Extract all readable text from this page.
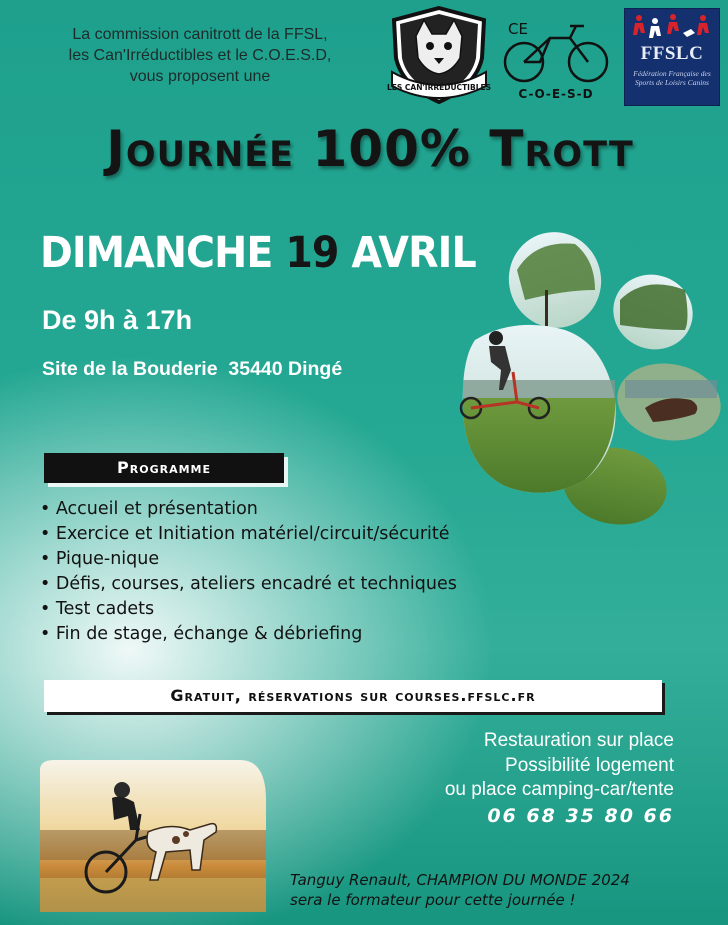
La commission canitrott de la FFSL,
les Can'Irréductibles et le C.O.E.S.D,
vous proposent une
LES CAN'IRRÉDUCTIBLES
CE
C-O-E-S-D
FFSLC
Fédération Française des Sports de Loisirs Canins
Journée 100% Trott
DIMANCHE 19 AVRIL
De 9h à 17h
Site de la Bouderie  35440 Dingé
Programme
• Accueil et présentation
• Exercice et Initiation matériel/circuit/sécurité
• Pique-nique
• Défis, courses, ateliers encadré et techniques
• Test cadets
• Fin de stage, échange & débriefing
Gratuit, réservations sur courses.ffslc.fr
Restauration sur place
Possibilité logement
ou place camping-car/tente
06 68 35 80 66
Tanguy Renault, CHAMPION DU MONDE 2024
sera le formateur pour cette journée !
